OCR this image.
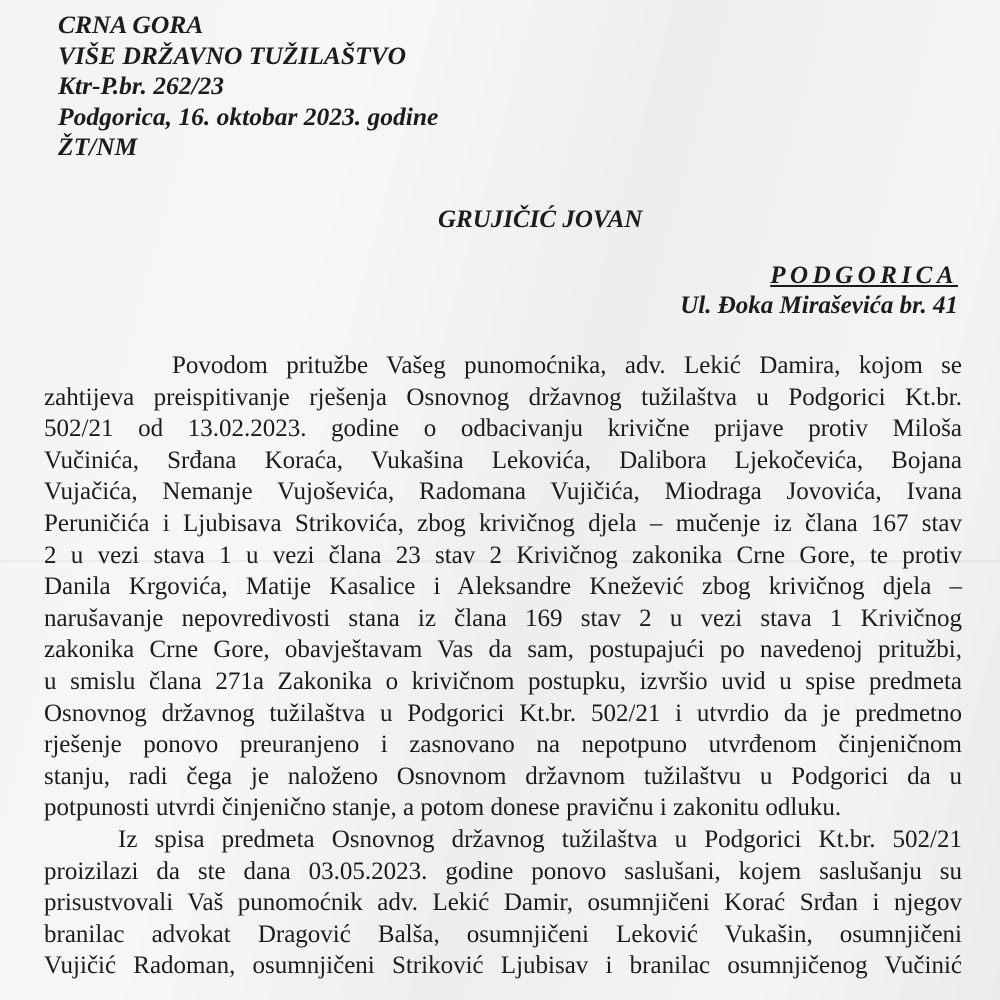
CRNA GORA
VIŠE DRŽAVNO TUŽILAŠTVO
Ktr-P.br. 262/23
Podgorica, 16. oktobar 2023. godine
ŽT/NM
GRUJIČIĆ JOVAN
PODGORICA
Ul. Đoka Miraševića br. 41
Povodom pritužbe Vašeg punomoćnika, adv. Lekić Damira, kojom se
zahtijeva preispitivanje rješenja Osnovnog državnog tužilaštva u Podgorici Kt.br.
502/21 od 13.02.2023. godine o odbacivanju krivične prijave protiv Miloša
Vučinića, Srđana Koraća, Vukašina Lekovića, Dalibora Ljekočevića, Bojana
Vujačića, Nemanje Vujoševića, Radomana Vujičića, Miodraga Jovovića, Ivana
Peruničića i Ljubisava Strikovića, zbog krivičnog djela – mučenje iz člana 167 stav
2 u vezi stava 1 u vezi člana 23 stav 2 Krivičnog zakonika Crne Gore, te protiv
Danila Krgovića, Matije Kasalice i Aleksandre Knežević zbog krivičnog djela –
narušavanje nepovredivosti stana iz člana 169 stav 2 u vezi stava 1 Krivičnog
zakonika Crne Gore, obavještavam Vas da sam, postupajući po navedenoj pritužbi,
u smislu člana 271a Zakonika o krivičnom postupku, izvršio uvid u spise predmeta
Osnovnog državnog tužilaštva u Podgorici Kt.br. 502/21 i utvrdio da je predmetno
rješenje ponovo preuranjeno i zasnovano na nepotpuno utvrđenom činjeničnom
stanju, radi čega je naloženo Osnovnom državnom tužilaštvu u Podgorici da u
potpunosti utvrdi činjenično stanje, a potom donese pravičnu i zakonitu odluku.
Iz spisa predmeta Osnovnog državnog tužilaštva u Podgorici Kt.br. 502/21
proizilazi da ste dana 03.05.2023. godine ponovo saslušani, kojem saslušanju su
prisustvovali Vaš punomoćnik adv. Lekić Damir, osumnjičeni Korać Srđan i njegov
branilac advokat Dragović Balša, osumnjičeni Leković Vukašin, osumnjičeni
Vujičić Radoman, osumnjičeni Striković Ljubisav i branilac osumnjičenog Vučinić
